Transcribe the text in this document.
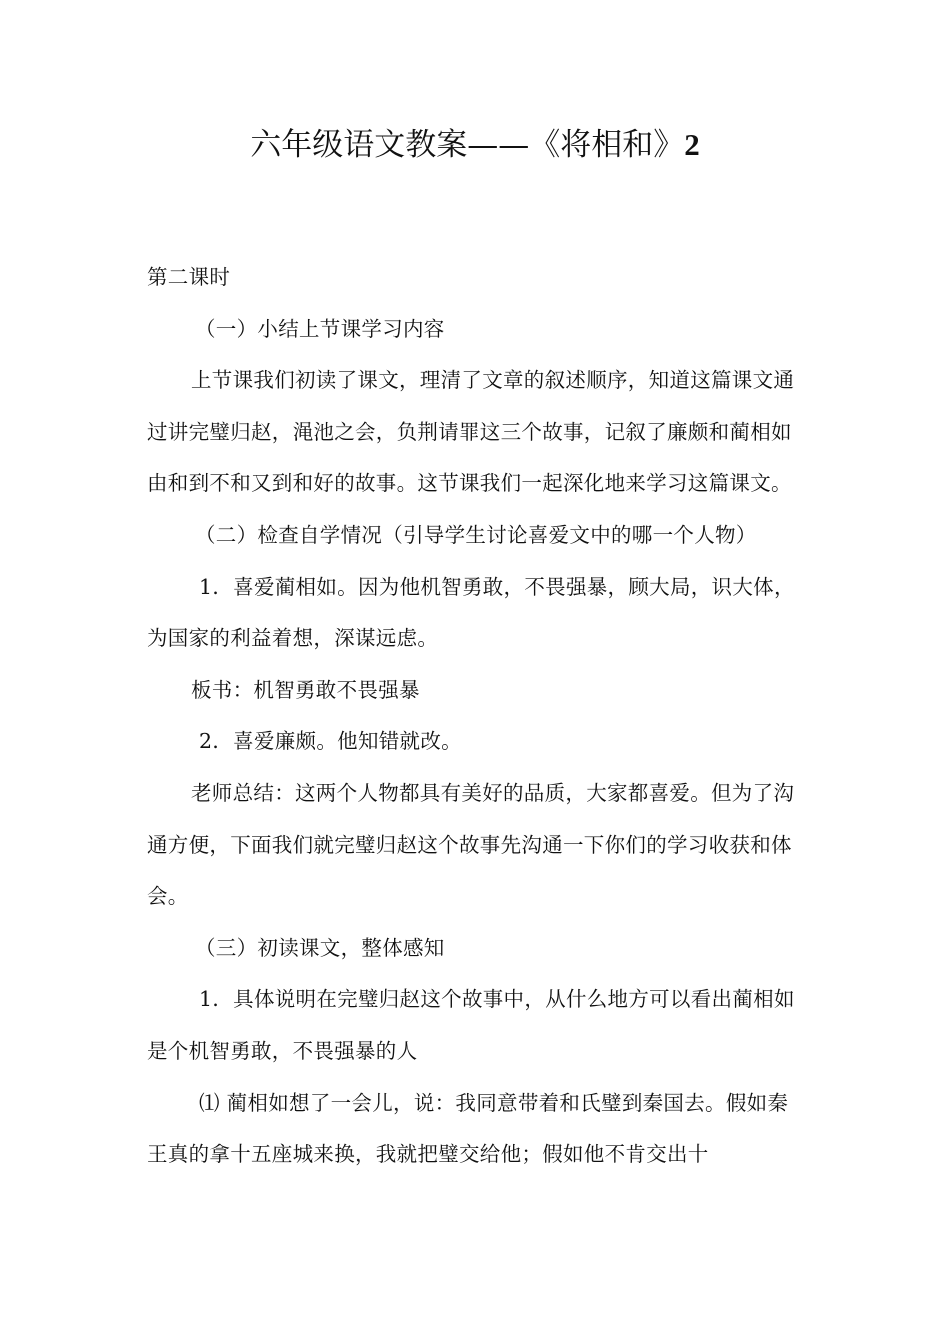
六年级语文教案——《将相和》2

第二课时

（一）小结上节课学习内容

上节课我们初读了课文，理清了文章的叙述顺序，知道这篇课文通过讲完璧归赵，渑池之会，负荆请罪这三个故事，记叙了廉颇和蔺相如由和到不和又到和好的故事。这节课我们一起深化地来学习这篇课文。

（二）检查自学情况（引导学生讨论喜爱文中的哪一个人物）

1．喜爱蔺相如。因为他机智勇敢，不畏强暴，顾大局，识大体，为国家的利益着想，深谋远虑。

板书：机智勇敢不畏强暴

2．喜爱廉颇。他知错就改。

老师总结：这两个人物都具有美好的品质，大家都喜爱。但为了沟通方便，下面我们就完璧归赵这个故事先沟通一下你们的学习收获和体会。

（三）初读课文，整体感知

1．具体说明在完璧归赵这个故事中，从什么地方可以看出蔺相如是个机智勇敢，不畏强暴的人

⑴ 蔺相如想了一会儿，说：我同意带着和氏璧到秦国去。假如秦王真的拿十五座城来换，我就把璧交给他；假如他不肯交出十
